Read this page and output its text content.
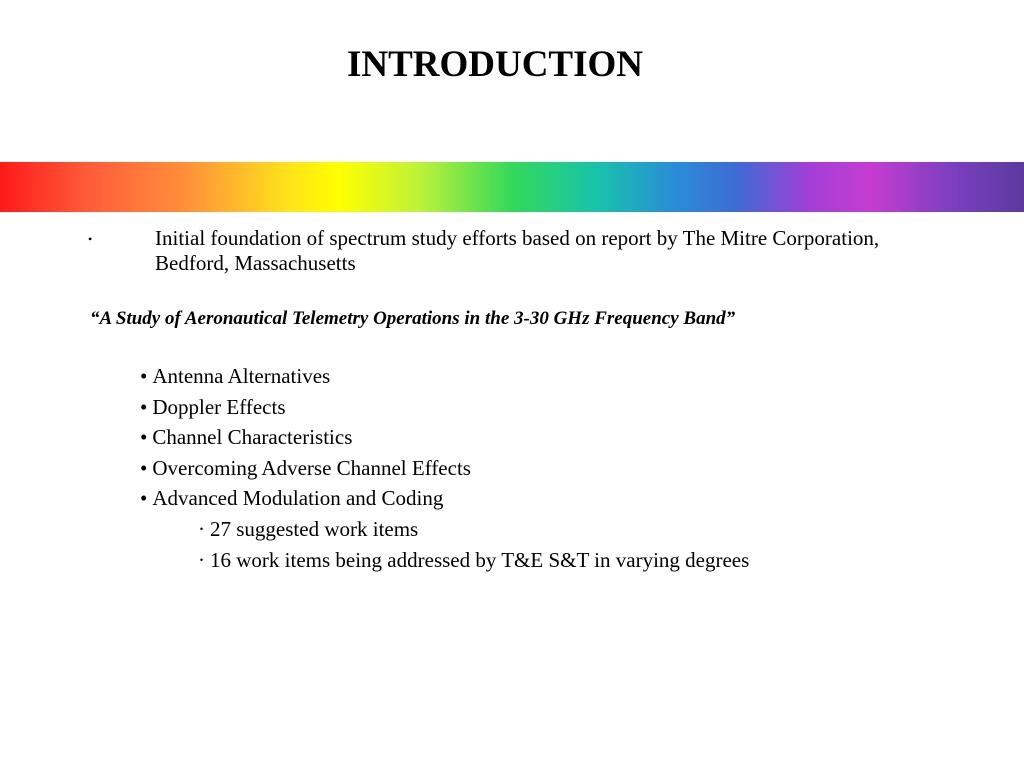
INTRODUCTION
•	Initial foundation of spectrum study efforts based on report by The Mitre Corporation, Bedford, Massachusetts
“A Study of Aeronautical Telemetry Operations in the 3-30 GHz Frequency Band”
• Antenna Alternatives
• Doppler Effects
• Channel Characteristics
• Overcoming Adverse Channel Effects
• Advanced Modulation and Coding
· 27 suggested work items
· 16 work items being addressed by T&E S&T in varying degrees
